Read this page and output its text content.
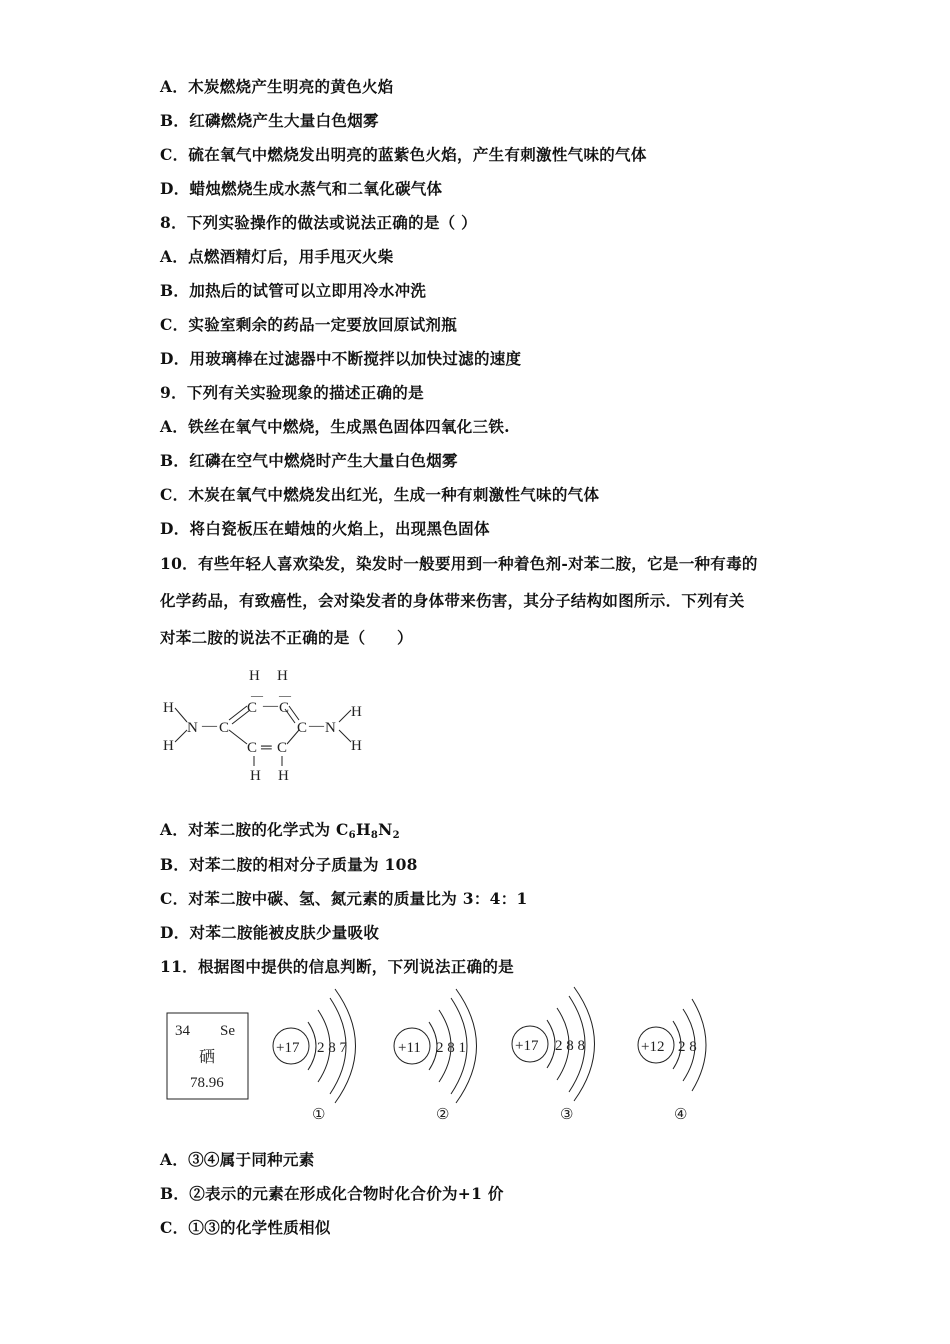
A．木炭燃烧产生明亮的黄色火焰
B．红磷燃烧产生大量白色烟雾
C．硫在氧气中燃烧发出明亮的蓝紫色火焰，产生有刺激性气味的气体
D．蜡烛燃烧生成水蒸气和二氧化碳气体
8．下列实验操作的做法或说法正确的是（ ）
A．点燃酒精灯后，用手甩灭火柴
B．加热后的试管可以立即用冷水冲洗
C．实验室剩余的药品一定要放回原试剂瓶
D．用玻璃棒在过滤器中不断搅拌以加快过滤的速度
9．下列有关实验现象的描述正确的是
A．铁丝在氧气中燃烧，生成黑色固体四氧化三铁.
B．红磷在空气中燃烧时产生大量白色烟雾
C．木炭在氧气中燃烧发出红光，生成一种有刺激性气味的气体
D．将白瓷板压在蜡烛的火焰上，出现黑色固体
10．有些年轻人喜欢染发，染发时一般要用到一种着色剂-对苯二胺，它是一种有毒的
化学药品，有致癌性，会对染发者的身体带来伤害，其分子结构如图所示．下列有关
对苯二胺的说法不正确的是（　　）
H H
— —
C — C
H
H
N — C	C — N
H
H
C ═ C
H H
A．对苯二胺的化学式为 $C_6H_8N_2$
B．对苯二胺的相对分子质量为 108
C．对苯二胺中碳、氢、氮元素的质量比为 3：4：1
D．对苯二胺能被皮肤少量吸收
11．根据图中提供的信息判断，下列说法正确的是
34 Se
硒
78.96
+17 2 8 7
①
+11 2 8 1
②
+17 2 8 8
③
+12 2 8
④
A．③④属于同种元素
B．②表示的元素在形成化合物时化合价为+1 价
C．①③的化学性质相似
